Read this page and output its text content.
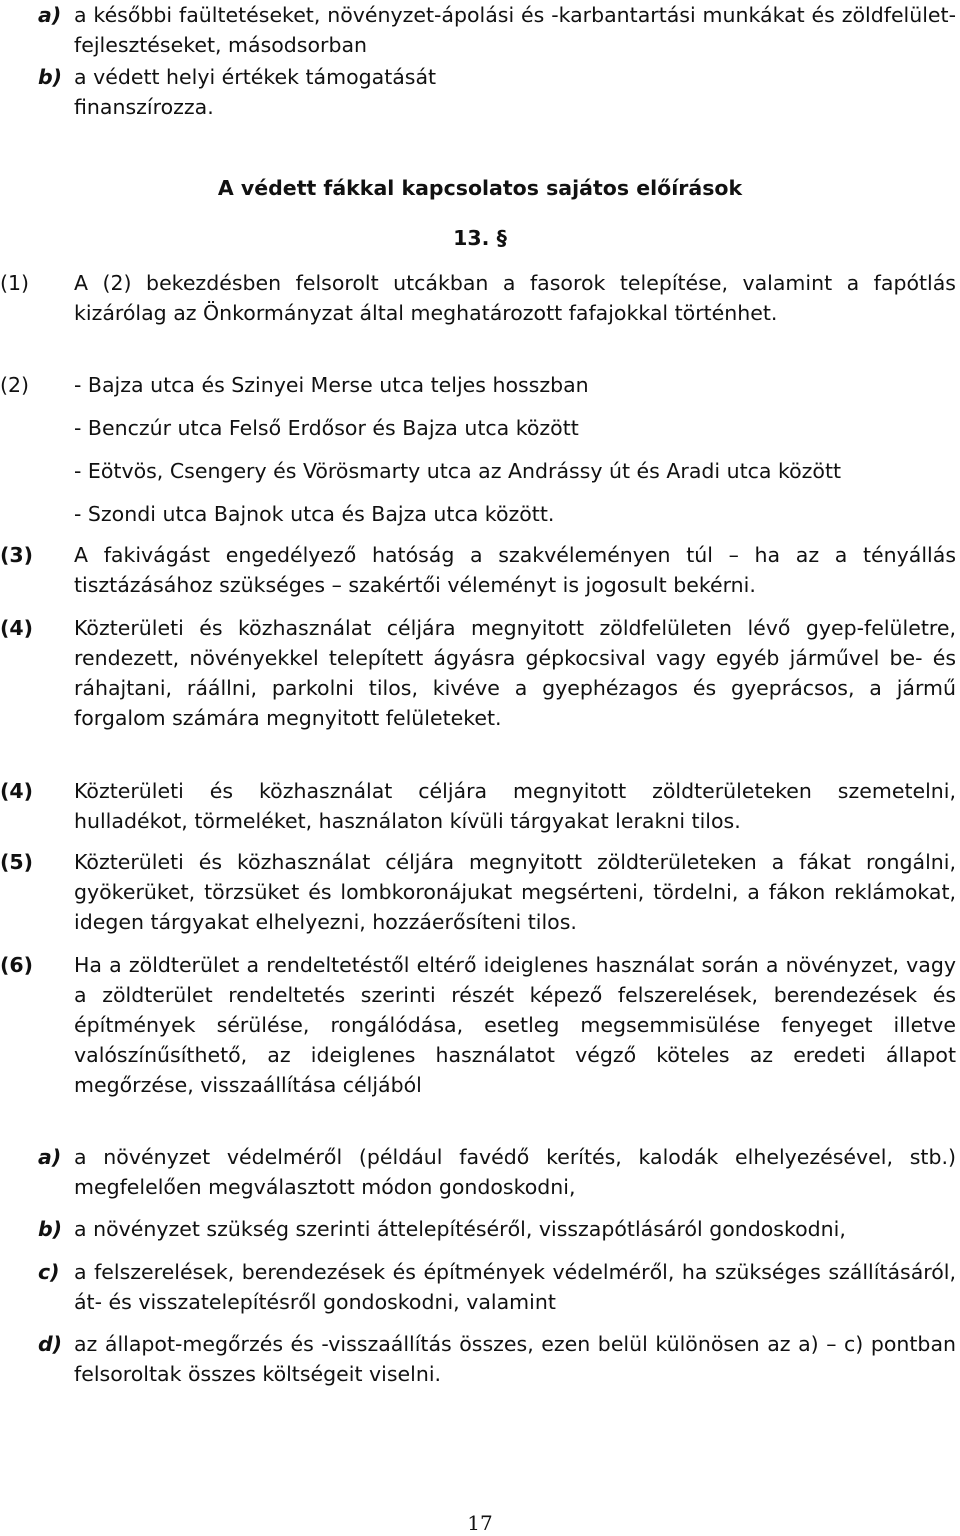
a) a későbbi faültetéseket, növényzet-ápolási és -karbantartási munkákat és zöldfelület-fejlesztéseket, másodsorban

b) a védett helyi értékek támogatását finanszírozza.

A védett fákkal kapcsolatos sajátos előírások
13. §
(1) A (2) bekezdésben felsorolt utcákban a fasorok telepítése, valamint a fapótlás kizárólag az Önkormányzat által meghatározott fafajokkal történhet.

(2) - Bajza utca és Szinyei Merse utca teljes hosszban
- Benczúr utca Felső Erdősor és Bajza utca között
- Eötvös, Csengery és Vörösmarty utca az Andrássy út és Aradi utca között
- Szondi utca Bajnok utca és Bajza utca között.
(3) A fakivágást engedélyező hatóság a szakvéleményen túl – ha az a tényállás tisztázásához szükséges – szakértői véleményt is jogosult bekérni.

(4) Közterületi és közhasználat céljára megnyitott zöldfelületen lévő gyep-felületre, rendezett, növényekkel telepített ágyásra gépkocsival vagy egyéb járművel be- és ráhajtani, ráállni, parkolni tilos, kivéve a gyephézagos és gyeprácsos, a jármű forgalom számára megnyitott felületeket.

(4) Közterületi és közhasználat céljára megnyitott zöldterületeken szemetelni, hulladékot, törmeléket, használaton kívüli tárgyakat lerakni tilos.

(5) Közterületi és közhasználat céljára megnyitott zöldterületeken a fákat rongálni, gyökerüket, törzsüket és lombkoronájukat megsérteni, tördelni, a fákon reklámokat, idegen tárgyakat elhelyezni, hozzáerősíteni tilos.

(6) Ha a zöldterület a rendeltetéstől eltérő ideiglenes használat során a növényzet, vagy a zöldterület rendeltetés szerinti részét képező felszerelések, berendezések és építmények sérülése, rongálódása, esetleg megsemmisülése fenyeget illetve valószínűsíthető, az ideiglenes használatot végző köteles az eredeti állapot megőrzése, visszaállítása céljából

a) a növényzet védelméről (például favédő kerítés, kalodák elhelyezésével, stb.) megfelelően megválasztott módon gondoskodni,

b) a növényzet szükség szerinti áttelepítéséről, visszapótlásáról gondoskodni,

c) a felszerelések, berendezések és építmények védelméről, ha szükséges szállításáról, át- és visszatelepítésről gondoskodni, valamint

d) az állapot-megőrzés és -visszaállítás összes, ezen belül különösen az a) – c) pontban felsoroltak összes költségeit viselni.

17
